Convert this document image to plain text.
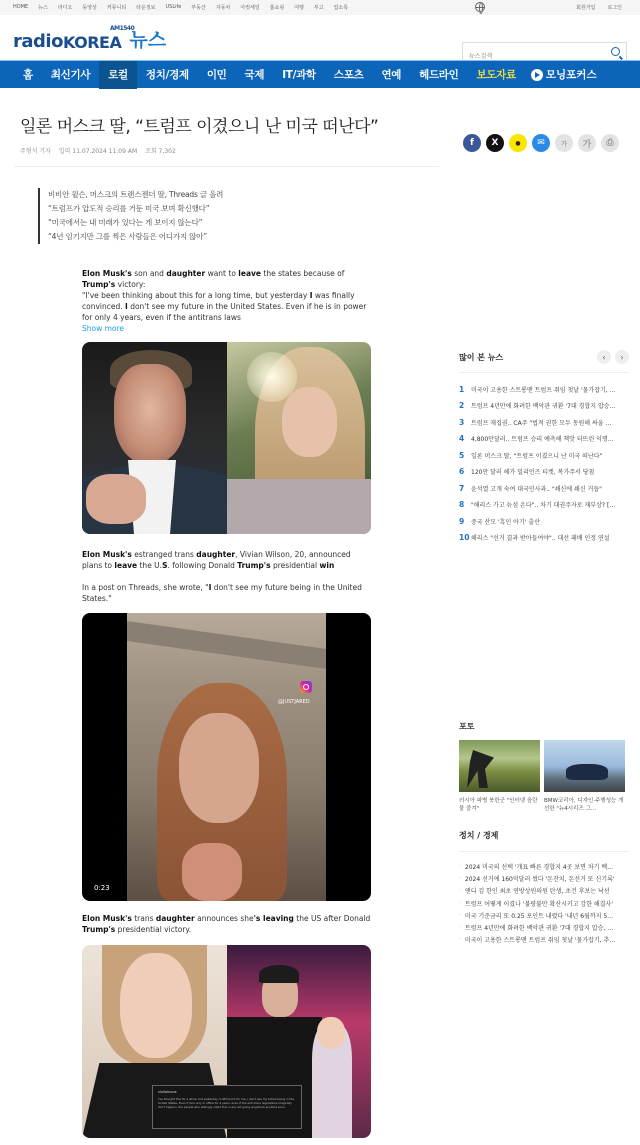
HOME 뉴스 라디오 동영상 커뮤니티 타운정보 USLife 부동산 자동차 아컷세일 홈쇼핑 여행 부고 업소록	회원가입 로그인
radio KOREA
AM1540
뉴스
뉴스검색
홈	최신기사	로컬	정치/경제	이민	국제	IT/과학	스포츠	연예	헤드라인	보도자료	모닝포커스
일론 머스크 딸, “트럼프 이겼으니 난 미국 떠난다”
주형석 기자 입력 11.07.2024 11:09 AM 조회 7,302
f X	● ✉	가 가 ⎙
비비안 윌슨, 머스크의 트랜스젠더 딸, Threads 글 올려
“트럼프가 압도적 승리를 거둔 미국 보며 확신했다”
“미국에서는 내 미래가 있다는 게 보이지 않는다”
“4년 임기지만 그를 찍은 사람들은 어디가지 않아”
Elon Musk's son and daughter want to leave the states because of Trump's victory:
"I've been thinking about this for a long time, but yesterday I was finally convinced. I don't see my future in the United States. Even if he is in power for only 4 years, even if the antitrans laws
Show more
Elon Musk's estranged trans daughter, Vivian Wilson, 20, announced plans to leave the U.S. following Donald Trump's presidential win
In a post on Threads, she wrote, "I don't see my future being in the United States."
@JUSTJARED
0:23
Elon Musk's trans daughter announces she's leaving the US after Donald Trump's presidential victory.
vivllainous
I've thought this for a while, but yesterday confirmed it for me. I don't see my future being in the United States. Even if he's only in office for 4 years, even if the anti-trans regulations magically don't happen, the people who willingly voted this in are not going anywhere anytime soon.
많이 본 뉴스	‹	›
1	미국이 고용한 스트롱맨 트럼프 취임 첫날 '물가잡기, …
2	트럼프 4년만에 화려한 백악관 귀환 '7대 경합지 압승…
3	트럼프 재집권.. CA주 "법적 권한 모두 동원해 싸울 …
4	4,800만달러.. 트럼프 승리 예측해 책맛 터뜨린 익명…
5	일론 머스크 딸, “트럼프 이겼으니 난 미국 떠난다”
6	120만 달러 헤가 밀리언즈 티켓, 복가주서 당첨
7	윤석열 고개 숙여 대국민사과.. "쇄신에 쇄신 거듭"
8	"해리스 가고 뉴섬 온다".. 차기 대권주자로 재부상? […
9	중국 산모 '흑인 아기' 출산
10 해리스 "선거 결과 받아들여야".. 대선 패배 인정 연설
포토
러시아 파병 북한군 "인터넷 음란물 즐겨"
BMW코리아, 디자인·주행성능 개선한 "뉴4시리즈 그…
정치 / 경제
· 2024 미국의 선택 '개표 빠른 경합지 4곳 보면 차기 백…
· 2024 선거에 160억달러 썼다 '돈잔치, 돈선거 또 신기록'
· 앤디 김 한인 최초 연방상원의원 탄생, 초건 후보는 낙선
· 트럼프 어떻게 이겼나 '불평불만 확산시키고 강한 해결사'
· 미국 기준금리 또 0.25 포인트 내렸다 '내년 6월까지 5…
· 트럼프 4년만에 화려한 백악관 귀환 '7대 경합지 압승, …
· 미국이 고용한 스트롱맨 트럼프 취임 첫날 '물가잡기, 추…
